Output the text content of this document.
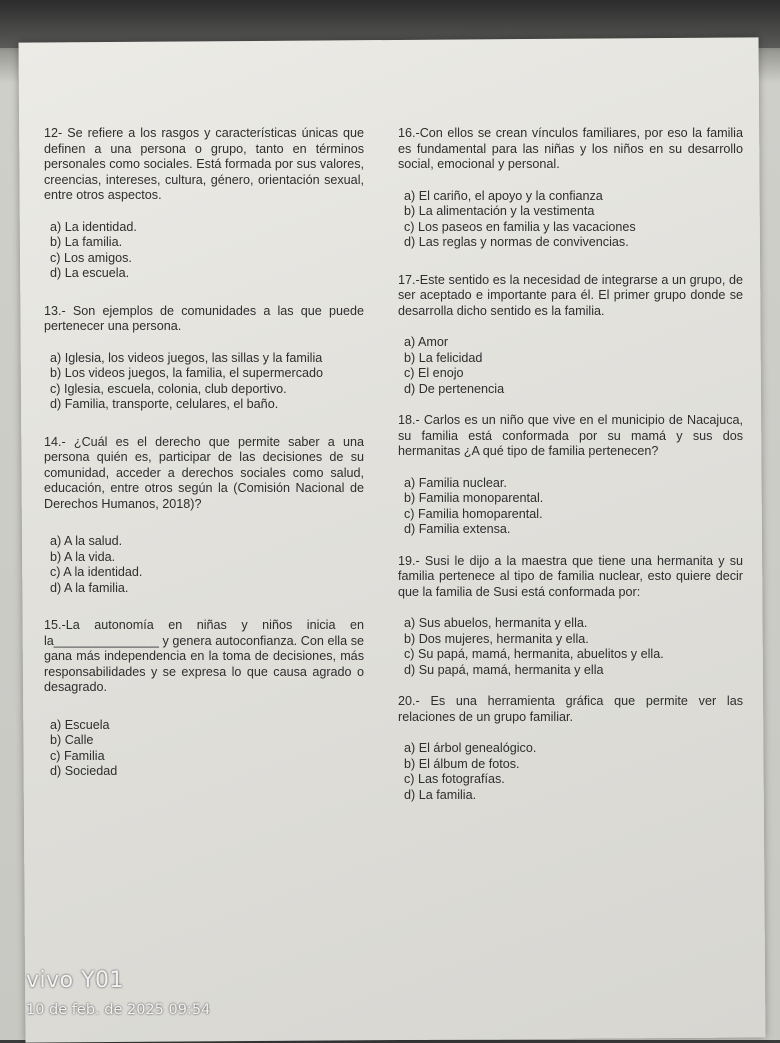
12- Se refiere a los rasgos y características únicas que definen a una persona o grupo, tanto en términos personales como sociales. Está formada por sus valores, creencias, intereses, cultura, género, orientación sexual, entre otros aspectos.

a) La identidad.

b) La familia.

c) Los amigos.

d) La escuela.

13.- Son ejemplos de comunidades a las que puede pertenecer una persona.

a) Iglesia, los videos juegos, las sillas y la familia

b) Los videos juegos, la familia, el supermercado

c) Iglesia, escuela, colonia, club deportivo.

d) Familia, transporte, celulares, el baño.

14.- ¿Cuál es el derecho que permite saber a una persona quién es, participar de las decisiones de su comunidad, acceder a derechos sociales como salud, educación, entre otros según la (Comisión Nacional de Derechos Humanos, 2018)?

a) A la salud.

b) A la vida.

c) A la identidad.

d) A la familia.

15.-La autonomía en niñas y niños inicia en la_______________ y genera autoconfianza. Con ella se gana más independencia en la toma de decisiones, más responsabilidades y se expresa lo que causa agrado o desagrado.

a) Escuela

b) Calle

c) Familia

d) Sociedad

16.-Con ellos se crean vínculos familiares, por eso la familia es fundamental para las niñas y los niños en su desarrollo social, emocional y personal.

a) El cariño, el apoyo y la confianza

b) La alimentación y la vestimenta

c) Los paseos en familia y las vacaciones

d) Las reglas y normas de convivencias.

17.-Este sentido es la necesidad de integrarse a un grupo, de ser aceptado e importante para él. El primer grupo donde se desarrolla dicho sentido es la familia.

a) Amor

b) La felicidad

c) El enojo

d) De pertenencia

18.- Carlos es un niño que vive en el municipio de Nacajuca, su familia está conformada por su mamá y sus dos hermanitas ¿A qué tipo de familia pertenecen?

a) Familia nuclear.

b) Familia monoparental.

c) Familia homoparental.

d) Familia extensa.

19.- Susi le dijo a la maestra que tiene una hermanita y su familia pertenece al tipo de familia nuclear, esto quiere decir que la familia de Susi está conformada por:

a) Sus abuelos, hermanita y ella.

b) Dos mujeres, hermanita y ella.

c) Su papá, mamá, hermanita, abuelitos y ella.

d) Su papá, mamá, hermanita y ella

20.- Es una herramienta gráfica que permite ver las relaciones de un grupo familiar.

a) El árbol genealógico.

b) El álbum de fotos.

c) Las fotografías.

d) La familia.

vivo Y01
10 de feb. de 2025 09:54
